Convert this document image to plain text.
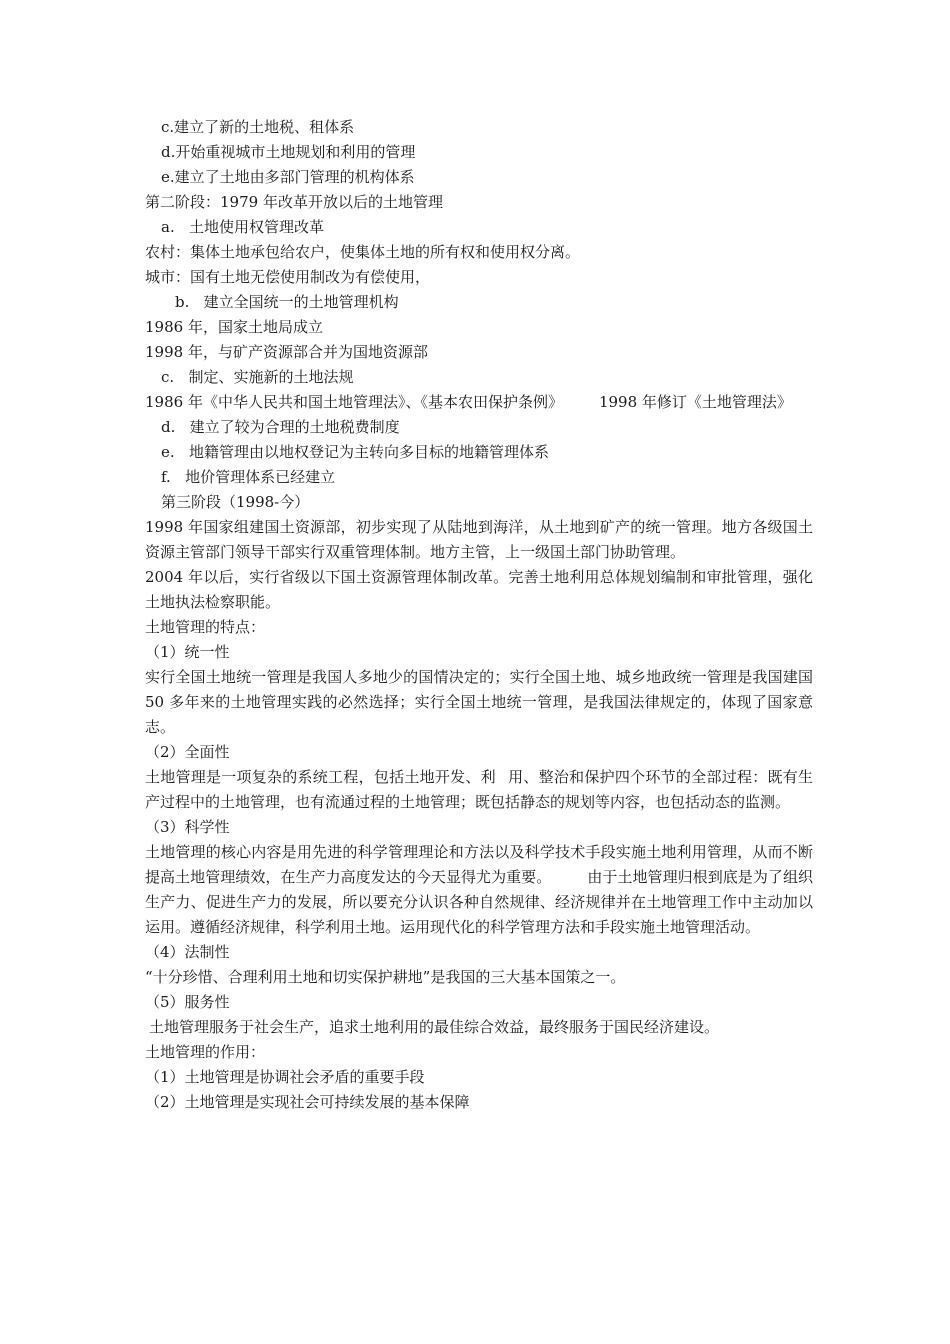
c.建立了新的土地税、租体系
d.开始重视城市土地规划和利用的管理
e.建立了土地由多部门管理的机构体系
第二阶段：1979 年改革开放以后的土地管理
a.   土地使用权管理改革
农村：集体土地承包给农户，使集体土地的所有权和使用权分离。
城市：国有土地无偿使用制改为有偿使用，
b.   建立全国统一的土地管理机构
1986 年，国家土地局成立
1998 年，与矿产资源部合并为国地资源部
c.   制定、实施新的土地法规
1986 年《中华人民共和国土地管理法》、《基本农田保护条例》 1998 年修订《土地管理法》
d.   建立了较为合理的土地税费制度
e.   地籍管理由以地权登记为主转向多目标的地籍管理体系
f.   地价管理体系已经建立
第三阶段（1998-今）
1998 年国家组建国土资源部，初步实现了从陆地到海洋，从土地到矿产的统一管理。地方各级国土资源主管部门领导干部实行双重管理体制。地方主管，上一级国土部门协助管理。
2004 年以后，实行省级以下国土资源管理体制改革。完善土地利用总体规划编制和审批管理，强化土地执法检察职能。
土地管理的特点：
（1）统一性
实行全国土地统一管理是我国人多地少的国情决定的；实行全国土地、城乡地政统一管理是我国建国 50 多年来的土地管理实践的必然选择；实行全国土地统一管理，是我国法律规定的，体现了国家意志。
（2）全面性
土地管理是一项复杂的系统工程，包括土地开发、利 用、整治和保护四个环节的全部过程：既有生产过程中的土地管理，也有流通过程的土地管理；既包括静态的规划等内容，也包括动态的监测。
（3）科学性
土地管理的核心内容是用先进的科学管理理论和方法以及科学技术手段实施土地利用管理，从而不断提高土地管理绩效，在生产力高度发达的今天显得尤为重要。 由于土地管理归根到底是为了组织生产力、促进生产力的发展，所以要充分认识各种自然规律、经济规律并在土地管理工作中主动加以运用。遵循经济规律，科学利用土地。运用现代化的科学管理方法和手段实施土地管理活动。
（4）法制性
“十分珍惜、合理利用土地和切实保护耕地”是我国的三大基本国策之一。
（5）服务性
土地管理服务于社会生产，追求土地利用的最佳综合效益，最终服务于国民经济建设。
土地管理的作用：
（1）土地管理是协调社会矛盾的重要手段
（2）土地管理是实现社会可持续发展的基本保障
